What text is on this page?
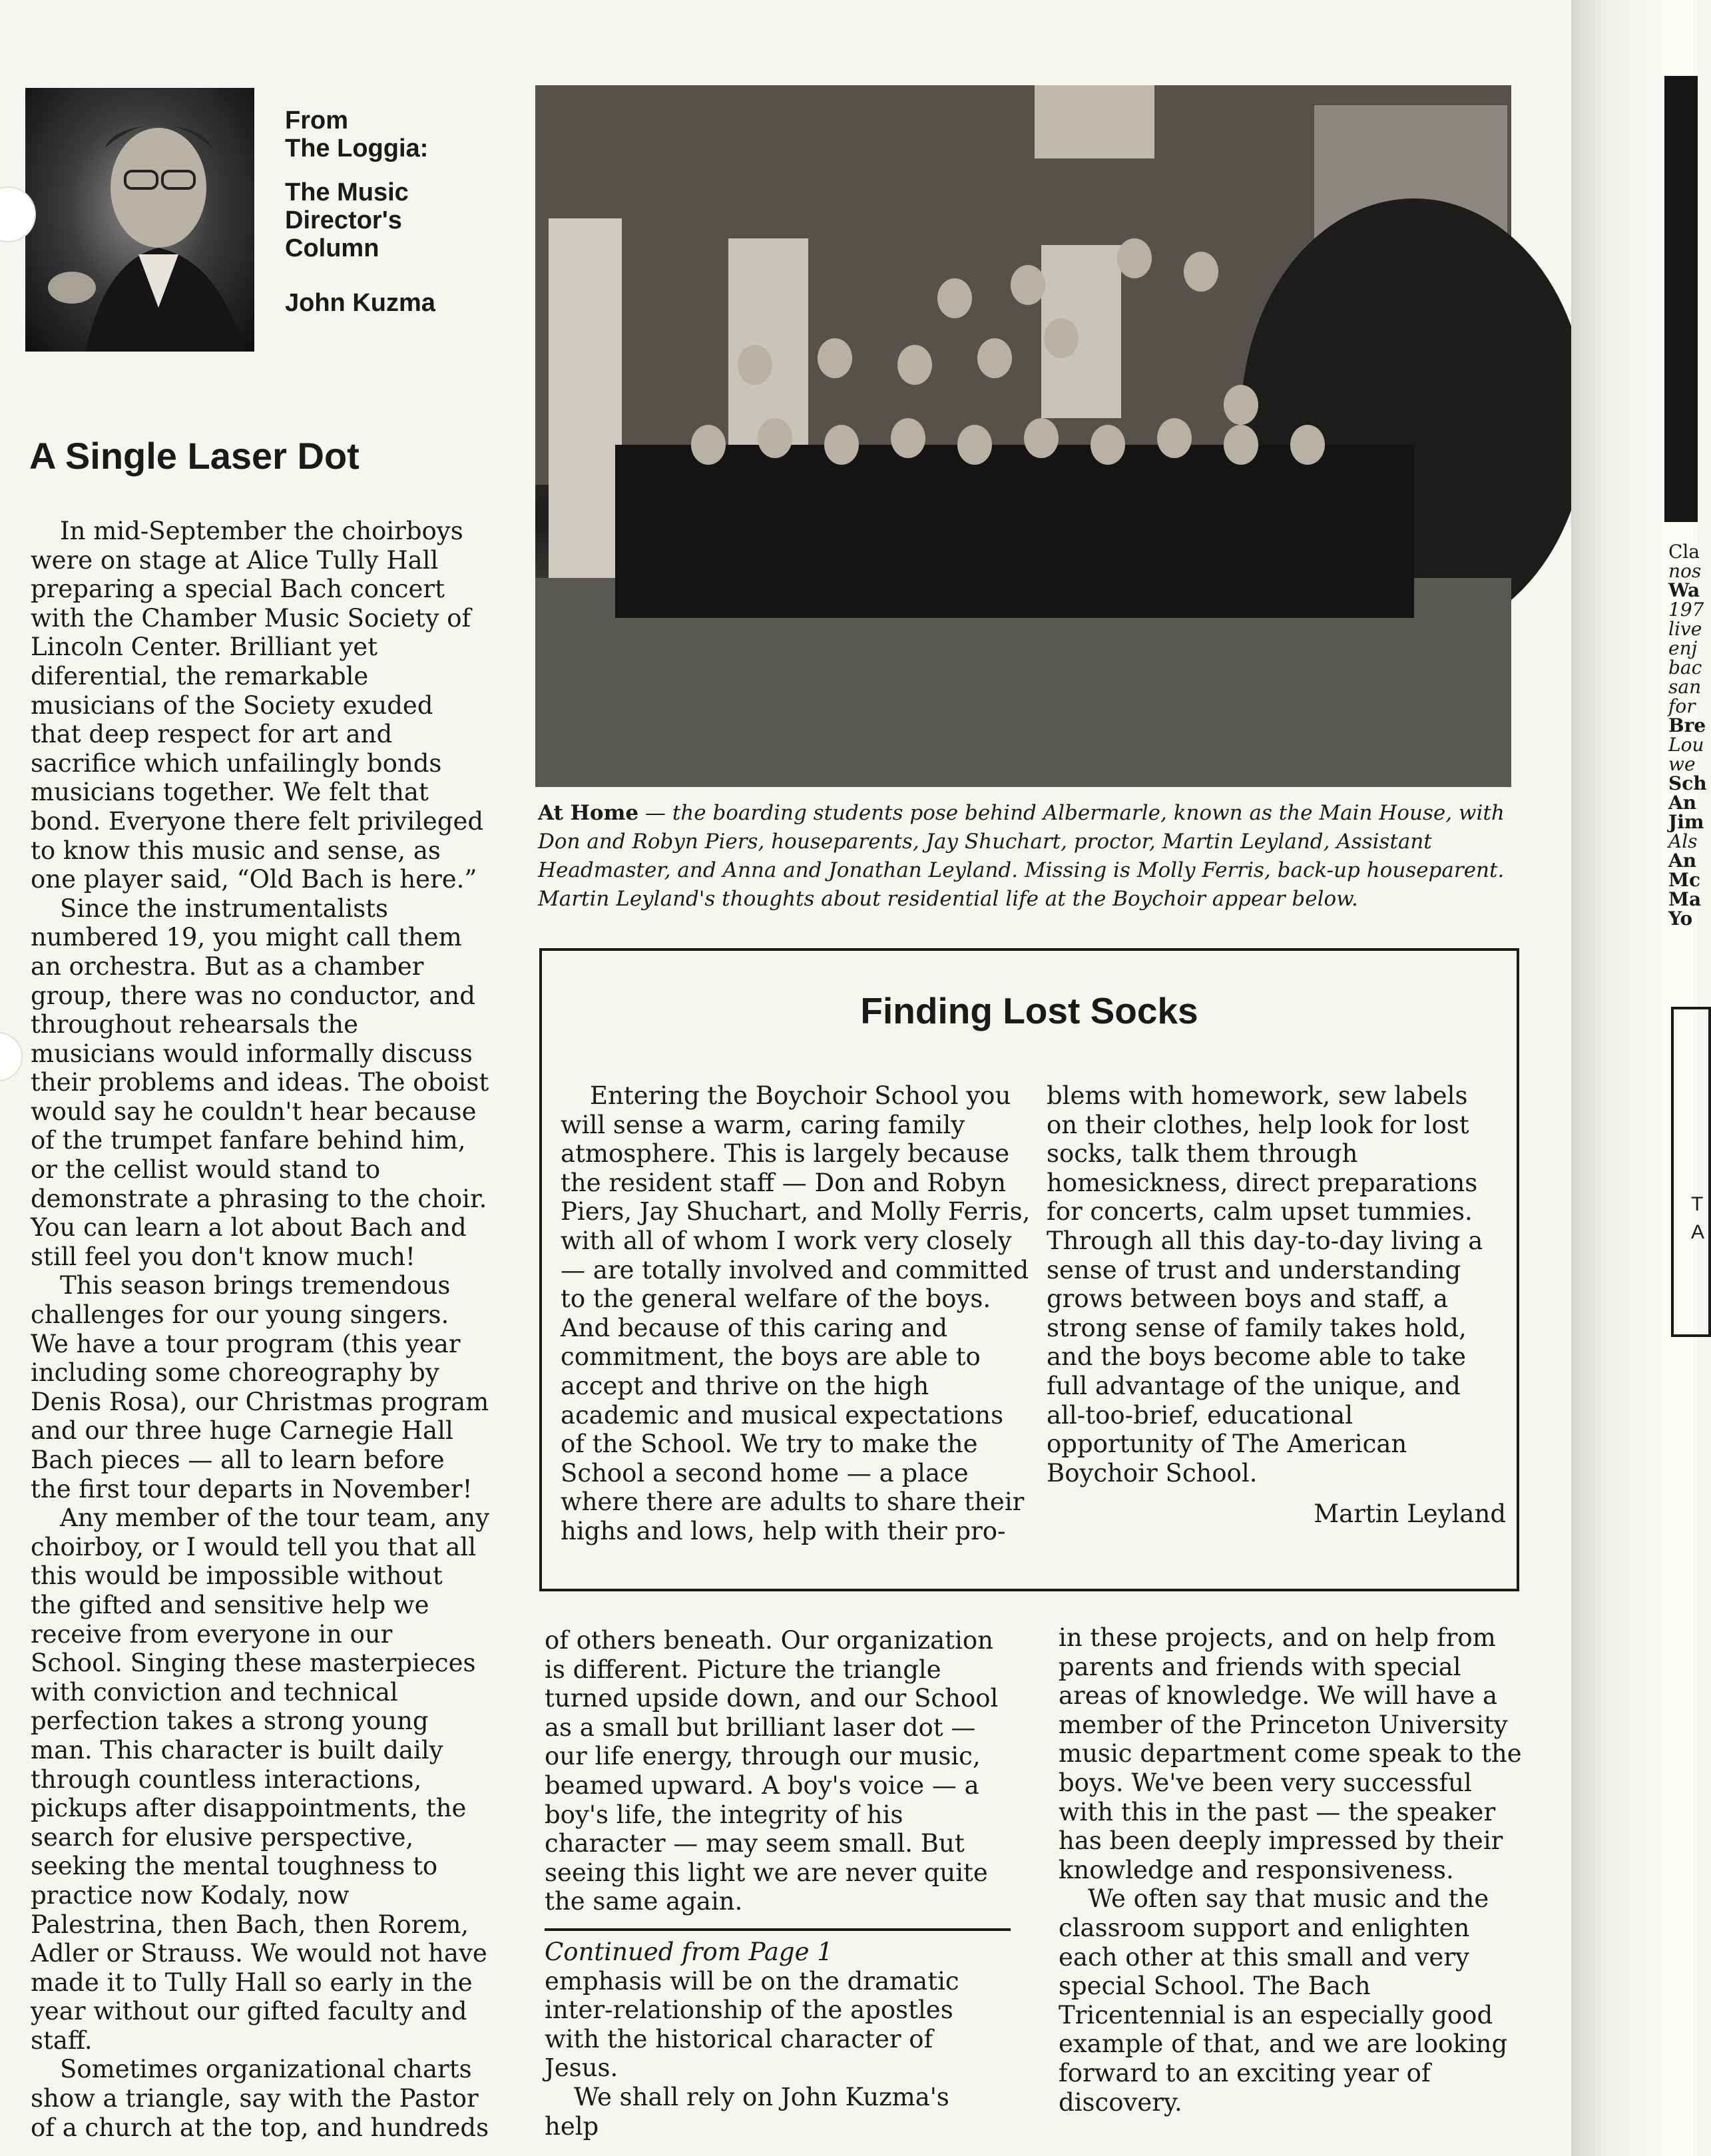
From
The Loggia:
The Music
Director's
Column
John Kuzma
A Single Laser Dot

In mid-September the choirboys were on stage at Alice Tully Hall preparing a special Bach concert with the Chamber Music Society of Lincoln Center. Brilliant yet diferential, the remarkable musicians of the Society exuded that deep respect for art and sacrifice which unfailingly bonds musicians together. We felt that bond. Everyone there felt privileged to know this music and sense, as one player said, “Old Bach is here.”

Since the instrumentalists numbered 19, you might call them an orchestra. But as a chamber group, there was no conductor, and throughout rehearsals the musicians would informally discuss their problems and ideas. The oboist would say he couldn't hear because of the trumpet fanfare behind him, or the cellist would stand to demonstrate a phrasing to the choir. You can learn a lot about Bach and still feel you don't know much!

This season brings tremendous challenges for our young singers. We have a tour program (this year including some choreography by Denis Rosa), our Christmas program and our three huge Carnegie Hall Bach pieces — all to learn before the first tour departs in November!

Any member of the tour team, any choirboy, or I would tell you that all this would be impossible without the gifted and sensitive help we receive from everyone in our School. Singing these masterpieces with conviction and technical perfection takes a strong young man. This character is built daily through countless interactions, pickups after disappointments, the search for elusive perspective, seeking the mental toughness to practice now Kodaly, now Palestrina, then Bach, then Rorem, Adler or Strauss. We would not have made it to Tully Hall so early in the year without our gifted faculty and staff.

Sometimes organizational charts show a triangle, say with the Pastor of a church at the top, and hundreds

At Home — the boarding students pose behind Albermarle, known as the Main House, with Don and Robyn Piers, houseparents, Jay Shuchart, proctor, Martin Leyland, Assistant Headmaster, and Anna and Jonathan Leyland. Missing is Molly Ferris, back-up houseparent. Martin Leyland's thoughts about residential life at the Boychoir appear below.
Finding Lost Socks

Entering the Boychoir School you will sense a warm, caring family atmosphere. This is largely because the resident staff — Don and Robyn Piers, Jay Shuchart, and Molly Ferris, with all of whom I work very closely — are totally involved and committed to the general welfare of the boys. And because of this caring and commitment, the boys are able to accept and thrive on the high academic and musical expectations of the School. We try to make the School a second home — a place where there are adults to share their highs and lows, help with their pro-

blems with homework, sew labels on their clothes, help look for lost socks, talk them through homesickness, direct preparations for concerts, calm upset tummies. Through all this day-to-day living a sense of trust and understanding grows between boys and staff, a strong sense of family takes hold, and the boys become able to take full advantage of the unique, and all-too-brief, educational opportunity of The American Boychoir School.

Martin Leyland

of others beneath. Our organization is different. Picture the triangle turned upside down, and our School as a small but brilliant laser dot — our life energy, through our music, beamed upward. A boy's voice — a boy's life, the integrity of his character — may seem small. But seeing this light we are never quite the same again.

Continued from Page 1

emphasis will be on the dramatic inter-relationship of the apostles with the historical character of Jesus.

We shall rely on John Kuzma's help

in these projects, and on help from parents and friends with special areas of knowledge. We will have a member of the Princeton University music department come speak to the boys. We've been very successful with this in the past — the speaker has been deeply impressed by their knowledge and responsiveness.

We often say that music and the classroom support and enlighten each other at this small and very special School. The Bach Tricentennial is an especially good example of that, and we are looking forward to an exciting year of discovery.

Cla
nos
Wa
197
live
enj
bac
san
for
Bre
Lou
we
Sch
An
Jim
Als
An
Mc
Ma
Yo
T
A
